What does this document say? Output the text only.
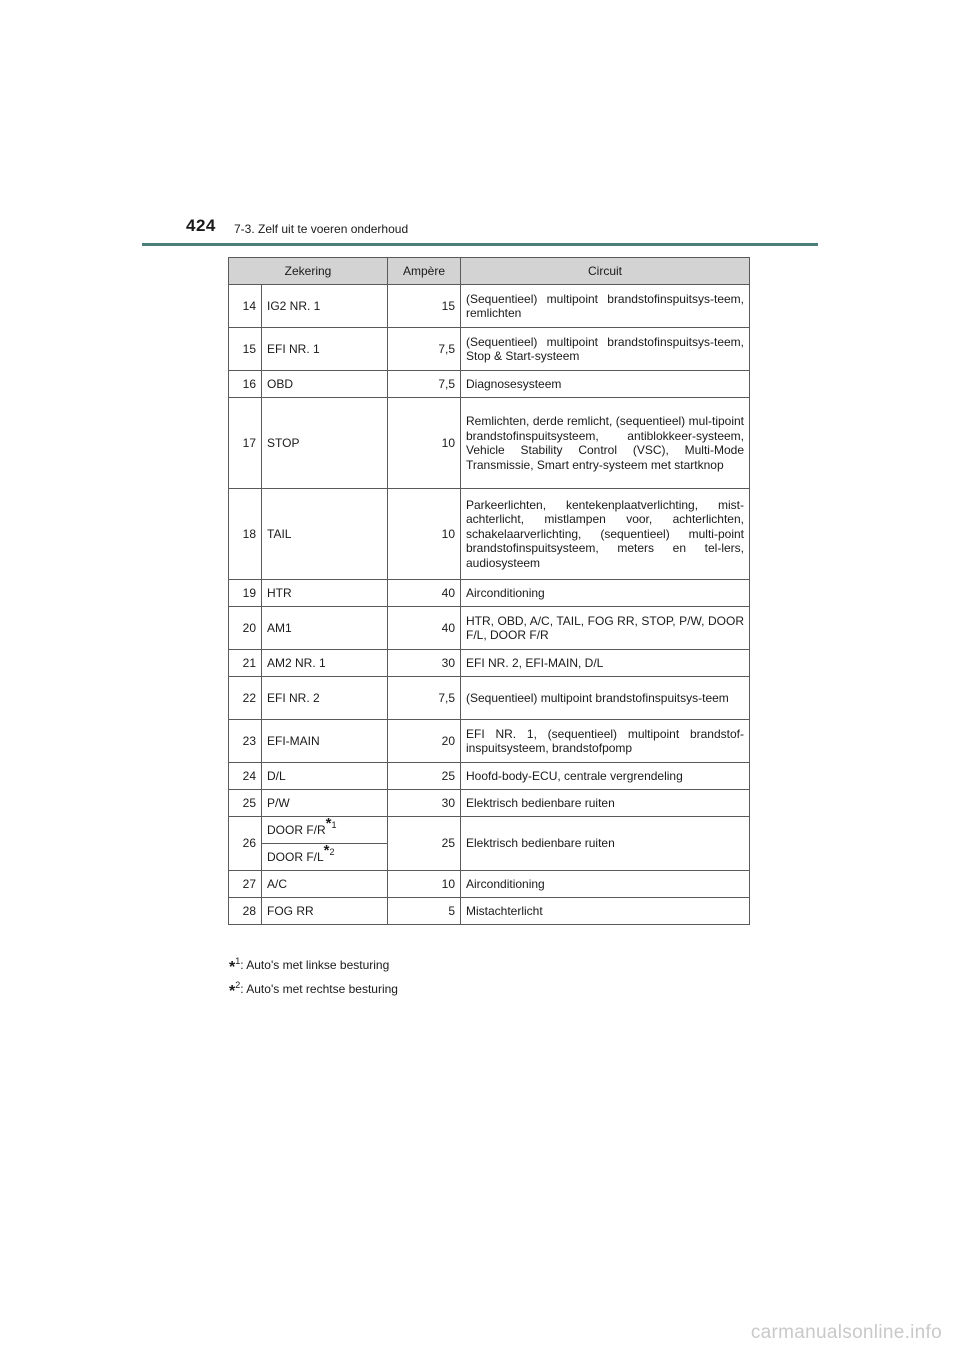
424 7-3. Zelf uit te voeren onderhoud
Zekering		Ampère	Circuit
14	IG2 NR. 1	15	(Sequentieel) multipoint brandstofinspuitsys-teem, remlichten
15	EFI NR. 1	7,5	(Sequentieel) multipoint brandstofinspuitsys-teem, Stop & Start-systeem
16	OBD	7,5	Diagnosesysteem
17	STOP	10	Remlichten, derde remlicht, (sequentieel) mul-tipoint brandstofinspuitsysteem, antiblokkeer-systeem, Vehicle Stability Control (VSC), Multi-Mode Transmissie, Smart entry-systeem met startknop
18	TAIL	10	Parkeerlichten, kentekenplaatverlichting, mist-achterlicht, mistlampen voor, achterlichten, schakelaarverlichting, (sequentieel) multi-point brandstofinspuitsysteem, meters en tel-lers, audiosysteem
19	HTR	40	Airconditioning
20	AM1	40	HTR, OBD, A/C, TAIL, FOG RR, STOP, P/W, DOOR F/L, DOOR F/R
21	AM2 NR. 1	30	EFI NR. 2, EFI-MAIN, D/L
22	EFI NR. 2	7,5	(Sequentieel) multipoint brandstofinspuitsys-teem
23	EFI-MAIN	20	EFI NR. 1, (sequentieel) multipoint brandstof-inspuitsysteem, brandstofpomp
24	D/L	25	Hoofd-body-ECU, centrale vergrendeling
25	P/W	30	Elektrisch bedienbare ruiten
26	DOOR $F/R^{*1}$	25	Elektrisch bedienbare ruiten
	DOOR $F/L^{*2}$
27	A/C	10	Airconditioning
28	FOG RR	5	Mistachterlicht
*$^1$: Auto's met linkse besturing
*$^2$: Auto's met rechtse besturing
carmanualsonline.info
